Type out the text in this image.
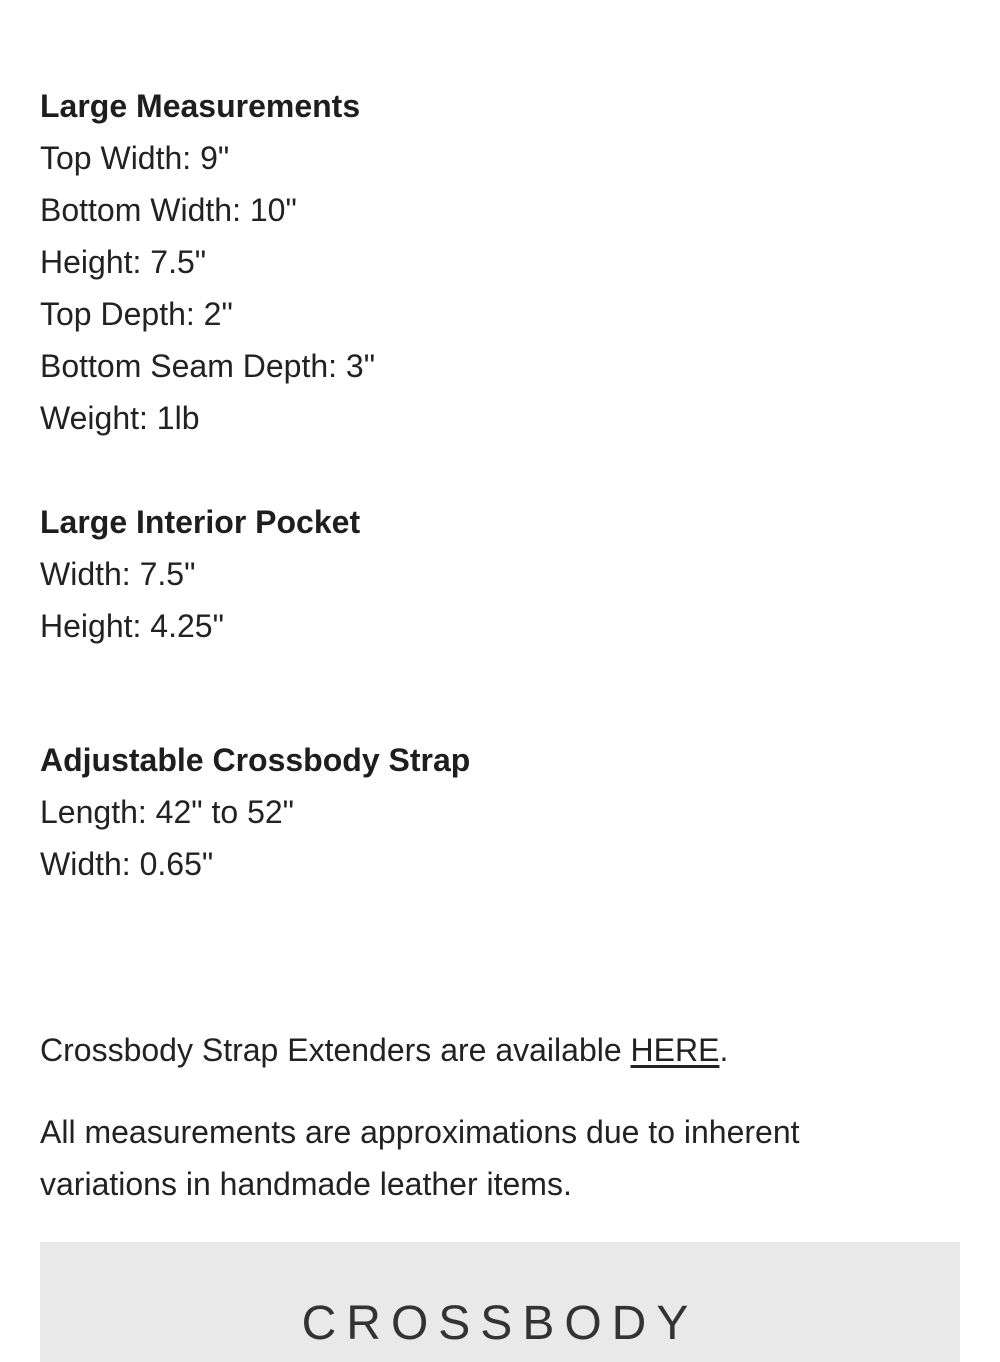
Large Measurements

Top Width: 9"

Bottom Width: 10"

Height: 7.5"

Top Depth: 2"

Bottom Seam Depth: 3"

Weight: 1lb

Large Interior Pocket

Width: 7.5"

Height: 4.25"

Adjustable Crossbody Strap

Length: 42" to 52"

Width: 0.65"

Crossbody Strap Extenders are available HERE.

All measurements are approximations due to inherent
variations in handmade leather items.

CROSSBODY
